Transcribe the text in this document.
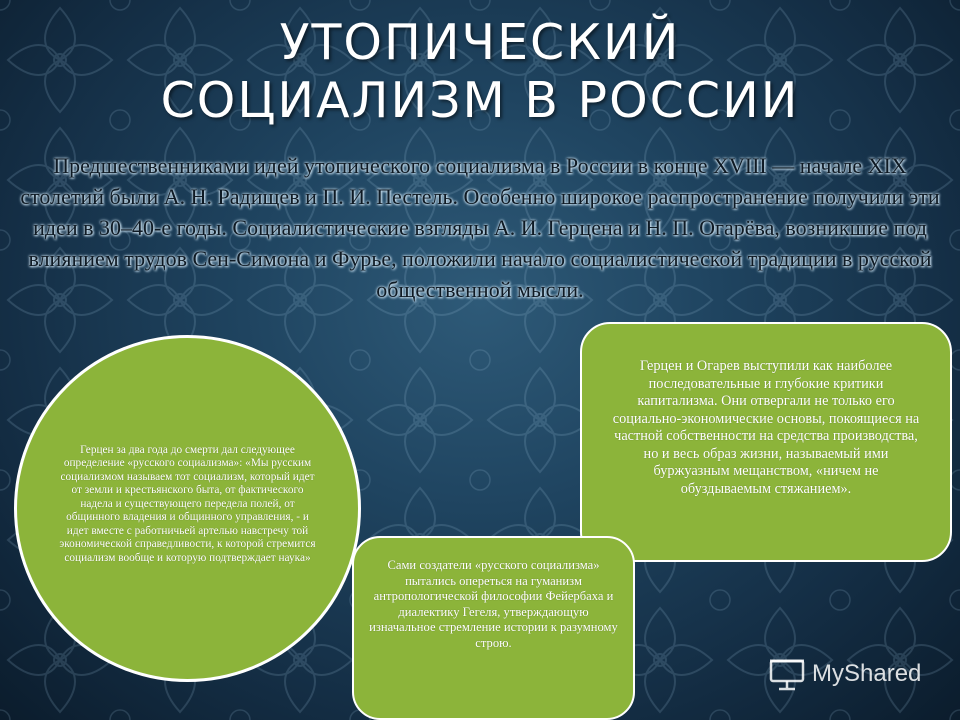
УТОПИЧЕСКИЙ
СОЦИАЛИЗМ В РОССИИ
Предшественниками идей утопического социализма в России в конце XVIII — начале XIX столетий были А. Н. Радищев и П. И. Пестель. Особенно широкое распространение получили эти идеи в 30–40-е годы. Социалистические взгляды А. И. Герцена и Н. П. Огарёва, возникшие под влиянием трудов Сен-Симона и Фурье, положили начало социалистической традиции в русской общественной мысли.
Герцен за два года до смерти дал следующее определение «русского социализма»: «Мы русским социализмом называем тот социализм, который идет от земли и крестьянского быта, от фактического надела и существующего передела полей, от общинного владения и общинного управления, - и идет вместе с работничьей артелью навстречу той экономической справедливости, к которой стремится социализм вообще и которую подтверждает наука»
Герцен и Огарев выступили как наиболее последовательные и глубокие критики капитализма. Они отвергали не только его социально-экономические основы, покоящиеся на частной собственности на средства производства, но и весь образ жизни, называемый ими буржуазным мещанством, «ничем не обуздываемым стяжанием».
Сами создатели «русского социализма» пытались опереться на гуманизм антропологической философии Фейербаха и диалектику Гегеля, утверждающую изначальное стремление истории к разумному строю.
MyShared
